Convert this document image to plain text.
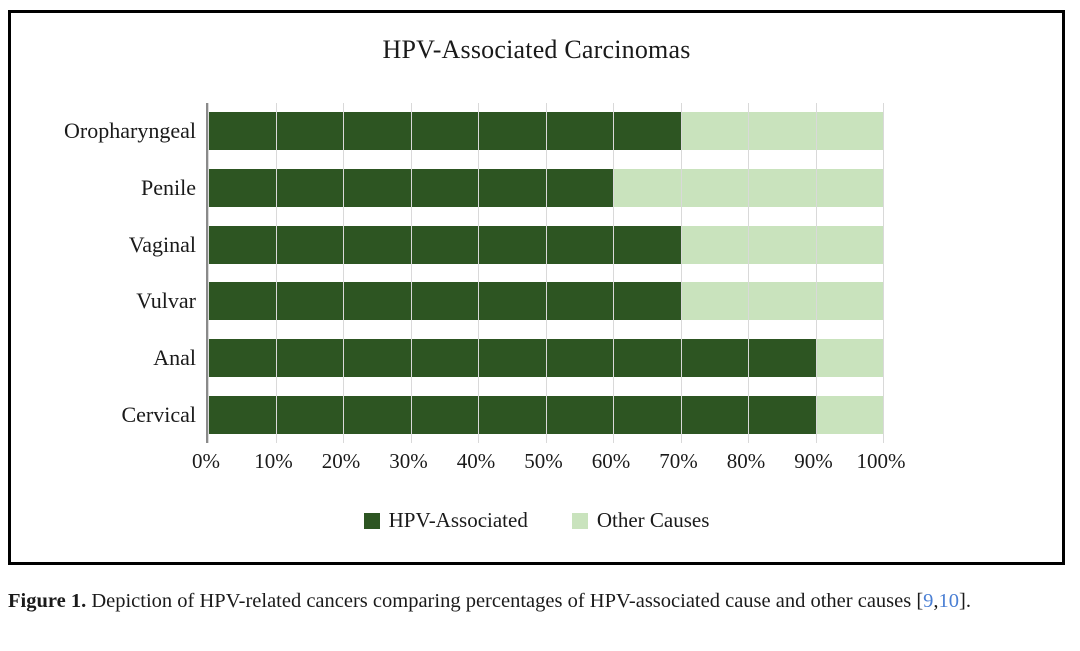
HPV-Associated Carcinomas
Oropharyngeal
Penile
Vaginal
Vulvar
Anal
Cervical
0% 10% 20% 30% 40% 50% 60% 70% 80% 90% 100%
HPV-Associated	Other Causes
Figure 1. Depiction of HPV-related cancers comparing percentages of HPV-associated cause and other causes [9,10].
